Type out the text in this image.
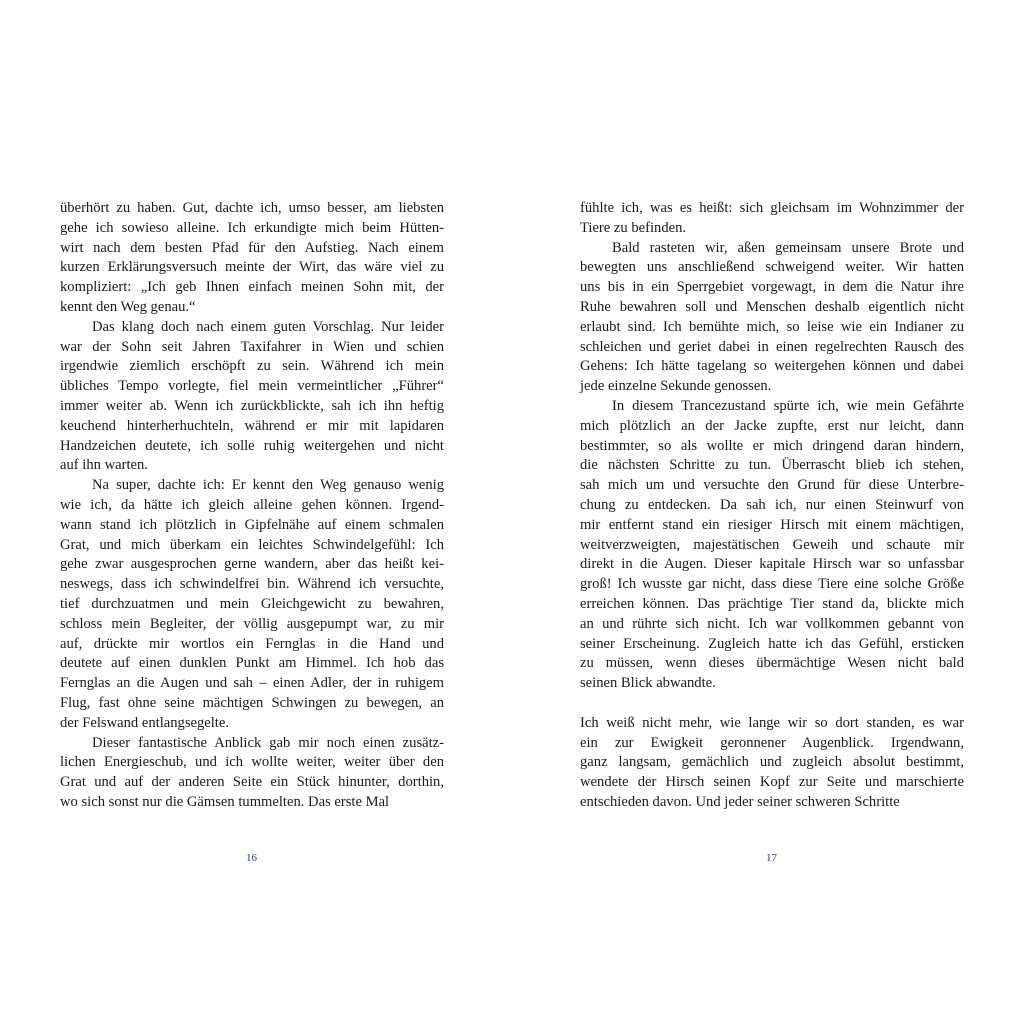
überhört zu haben. Gut, dachte ich, umso besser, am liebsten
gehe ich sowieso alleine. Ich erkundigte mich beim Hütten-
wirt nach dem besten Pfad für den Aufstieg. Nach einem
kurzen Erklärungsversuch meinte der Wirt, das wäre viel zu
kompliziert: „Ich geb Ihnen einfach meinen Sohn mit, der
kennt den Weg genau.“
Das klang doch nach einem guten Vorschlag. Nur leider
war der Sohn seit Jahren Taxifahrer in Wien und schien
irgendwie ziemlich erschöpft zu sein. Während ich mein
übliches Tempo vorlegte, fiel mein vermeintlicher „Führer“
immer weiter ab. Wenn ich zurückblickte, sah ich ihn heftig
keuchend hinterherhuchteln, während er mir mit lapidaren
Handzeichen deutete, ich solle ruhig weitergehen und nicht
auf ihn warten.
Na super, dachte ich: Er kennt den Weg genauso wenig
wie ich, da hätte ich gleich alleine gehen können. Irgend-
wann stand ich plötzlich in Gipfelnähe auf einem schmalen
Grat, und mich überkam ein leichtes Schwindelgefühl: Ich
gehe zwar ausgesprochen gerne wandern, aber das heißt kei-
neswegs, dass ich schwindelfrei bin. Während ich versuchte,
tief durchzuatmen und mein Gleichgewicht zu bewahren,
schloss mein Begleiter, der völlig ausgepumpt war, zu mir
auf, drückte mir wortlos ein Fernglas in die Hand und
deutete auf einen dunklen Punkt am Himmel. Ich hob das
Fernglas an die Augen und sah – einen Adler, der in ruhigem
Flug, fast ohne seine mächtigen Schwingen zu bewegen, an
der Felswand entlangsegelte.
Dieser fantastische Anblick gab mir noch einen zusätz-
lichen Energieschub, und ich wollte weiter, weiter über den
Grat und auf der anderen Seite ein Stück hinunter, dorthin,
wo sich sonst nur die Gämsen tummelten. Das erste Mal
fühlte ich, was es heißt: sich gleichsam im Wohnzimmer der
Tiere zu befinden.
Bald rasteten wir, aßen gemeinsam unsere Brote und
bewegten uns anschließend schweigend weiter. Wir hatten
uns bis in ein Sperrgebiet vorgewagt, in dem die Natur ihre
Ruhe bewahren soll und Menschen deshalb eigentlich nicht
erlaubt sind. Ich bemühte mich, so leise wie ein Indianer zu
schleichen und geriet dabei in einen regelrechten Rausch des
Gehens: Ich hätte tagelang so weitergehen können und dabei
jede einzelne Sekunde genossen.
In diesem Trancezustand spürte ich, wie mein Gefährte
mich plötzlich an der Jacke zupfte, erst nur leicht, dann
bestimmter, so als wollte er mich dringend daran hindern,
die nächsten Schritte zu tun. Überrascht blieb ich stehen,
sah mich um und versuchte den Grund für diese Unterbre-
chung zu entdecken. Da sah ich, nur einen Steinwurf von
mir entfernt stand ein riesiger Hirsch mit einem mächtigen,
weitverzweigten, majestätischen Geweih und schaute mir
direkt in die Augen. Dieser kapitale Hirsch war so unfassbar
groß! Ich wusste gar nicht, dass diese Tiere eine solche Größe
erreichen können. Das prächtige Tier stand da, blickte mich
an und rührte sich nicht. Ich war vollkommen gebannt von
seiner Erscheinung. Zugleich hatte ich das Gefühl, ersticken
zu müssen, wenn dieses übermächtige Wesen nicht bald
seinen Blick abwandte.
Ich weiß nicht mehr, wie lange wir so dort standen, es war
ein zur Ewigkeit geronnener Augenblick. Irgendwann,
ganz langsam, gemächlich und zugleich absolut bestimmt,
wendete der Hirsch seinen Kopf zur Seite und marschierte
entschieden davon. Und jeder seiner schweren Schritte
16	17
